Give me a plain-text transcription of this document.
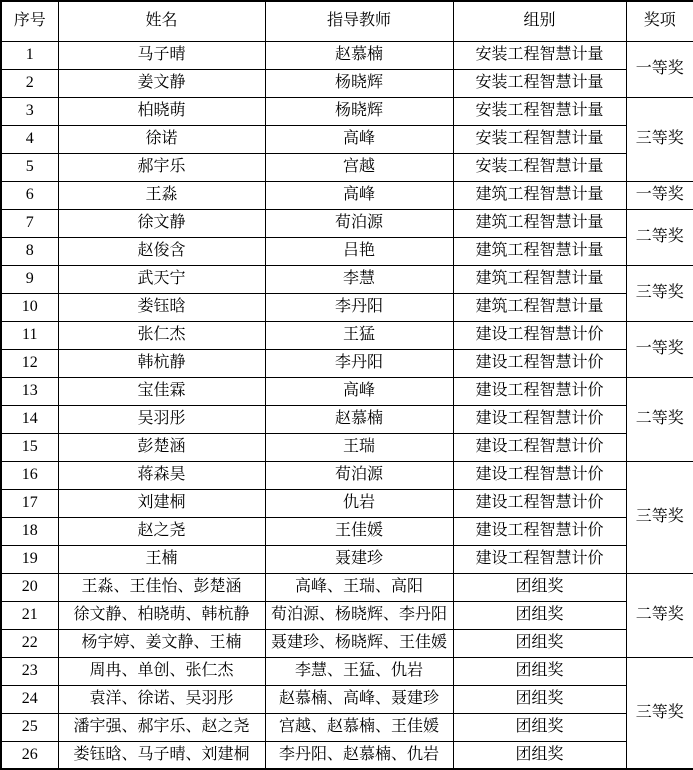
序号	姓名	指导教师	组别	奖项
1	马子晴	赵慕楠	安装工程智慧计量	一等奖
2	姜文静	杨晓辉	安装工程智慧计量	
3	柏晓萌	杨晓辉	安装工程智慧计量	三等奖
4	徐诺	高峰	安装工程智慧计量	
5	郝宇乐	宫越	安装工程智慧计量	
6	王淼	高峰	建筑工程智慧计量	一等奖
7	徐文静	荀泊源	建筑工程智慧计量	二等奖
8	赵俊含	吕艳	建筑工程智慧计量	
9	武天宁	李慧	建筑工程智慧计量	三等奖
10	娄钰晗	李丹阳	建筑工程智慧计量	
11	张仁杰	王猛	建设工程智慧计价	一等奖
12	韩杭静	李丹阳	建设工程智慧计价	
13	宝佳霖	高峰	建设工程智慧计价	二等奖
14	吴羽彤	赵慕楠	建设工程智慧计价	
15	彭楚涵	王瑞	建设工程智慧计价	
16	蒋森昊	荀泊源	建设工程智慧计价	三等奖
17	刘建桐	仇岩	建设工程智慧计价	
18	赵之尧	王佳媛	建设工程智慧计价	
19	王楠	聂建珍	建设工程智慧计价	
20	王淼、王佳怡、彭楚涵	高峰、王瑞、高阳	团组奖	二等奖
21	徐文静、柏晓萌、韩杭静	荀泊源、杨晓辉、李丹阳	团组奖	
22	杨宇婷、姜文静、王楠	聂建珍、杨晓辉、王佳媛	团组奖	
23	周冉、单创、张仁杰	李慧、王猛、仇岩	团组奖	三等奖
24	袁洋、徐诺、吴羽彤	赵慕楠、高峰、聂建珍	团组奖	
25	潘宇强、郝宇乐、赵之尧	宫越、赵慕楠、王佳媛	团组奖	
26	娄钰晗、马子晴、刘建桐	李丹阳、赵慕楠、仇岩	团组奖	
